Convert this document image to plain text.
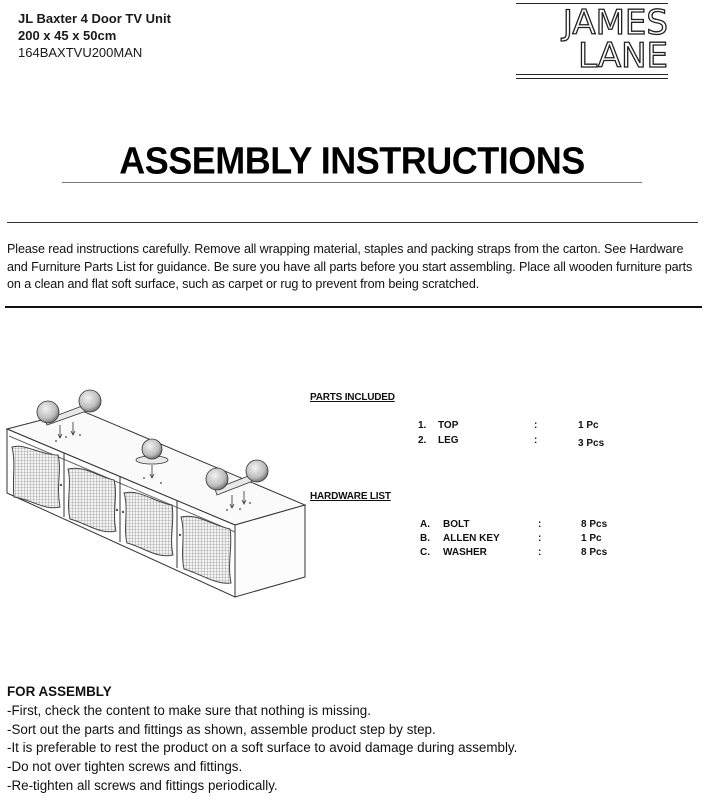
JL Baxter 4 Door TV Unit
200 x 45 x 50cm
164BAXTVU200MAN
JAMES
LANE
ASSEMBLY INSTRUCTIONS
Please read instructions carefully. Remove all wrapping material, staples and packing straps from the carton. See Hardware and Furniture Parts List for guidance. Be sure you have all parts before you start assembling. Place all wooden furniture parts on a clean and flat soft surface, such as carpet or rug to prevent from being scratched.
PARTS INCLUDED
1. TOP	:	1 Pc
2. LEG	:	3 Pcs
HARDWARE LIST
A. BOLT	:	8 Pcs
B. ALLEN KEY	:	1 Pc
C. WASHER	:	8 Pcs
FOR ASSEMBLY
-First, check the content to make sure that nothing is missing.
-Sort out the parts and fittings as shown, assemble product step by step.
-It is preferable to rest the product on a soft surface to avoid damage during assembly.
-Do not over tighten screws and fittings.
-Re-tighten all screws and fittings periodically.
